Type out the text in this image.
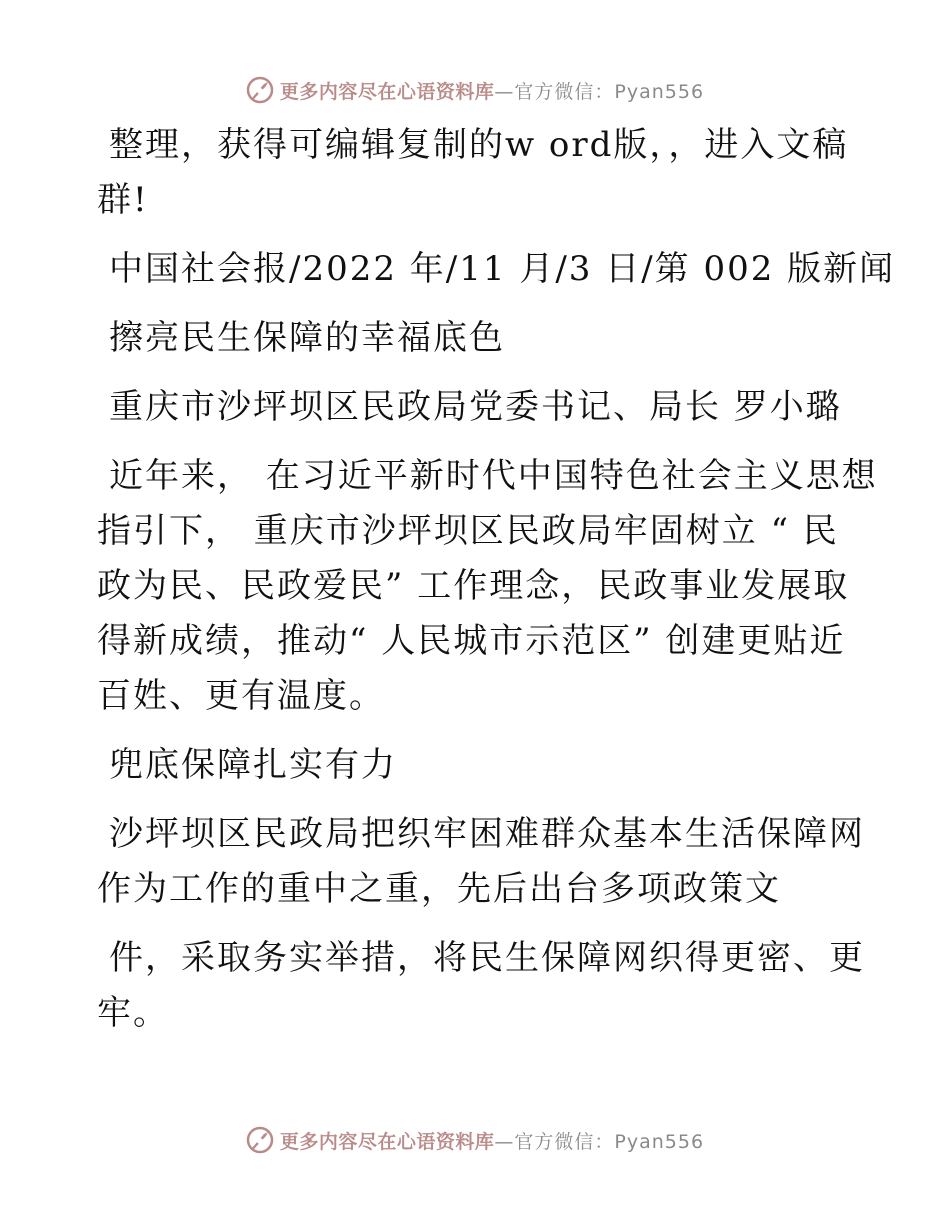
更多内容尽在心语资料库 —官方微信：Pyan556

整理，获得可编辑复制的w ord版，，进入文稿
群!

中国社会报/2022 年/11 月/3 日/第 002 版新闻

擦亮民生保障的幸福底色

重庆市沙坪坝区民政局党委书记、局长 罗小璐

近年来， 在习近平新时代中国特色社会主义思想
指引下， 重庆市沙坪坝区民政局牢固树立 “ 民
政为民、民政爱民” 工作理念，民政事业发展取
得新成绩，推动“ 人民城市示范区” 创建更贴近
百姓、更有温度。

兜底保障扎实有力

沙坪坝区民政局把织牢困难群众基本生活保障网
作为工作的重中之重，先后出台多项政策文

件，采取务实举措，将民生保障网织得更密、更
牢。

更多内容尽在心语资料库 —官方微信：Pyan556
